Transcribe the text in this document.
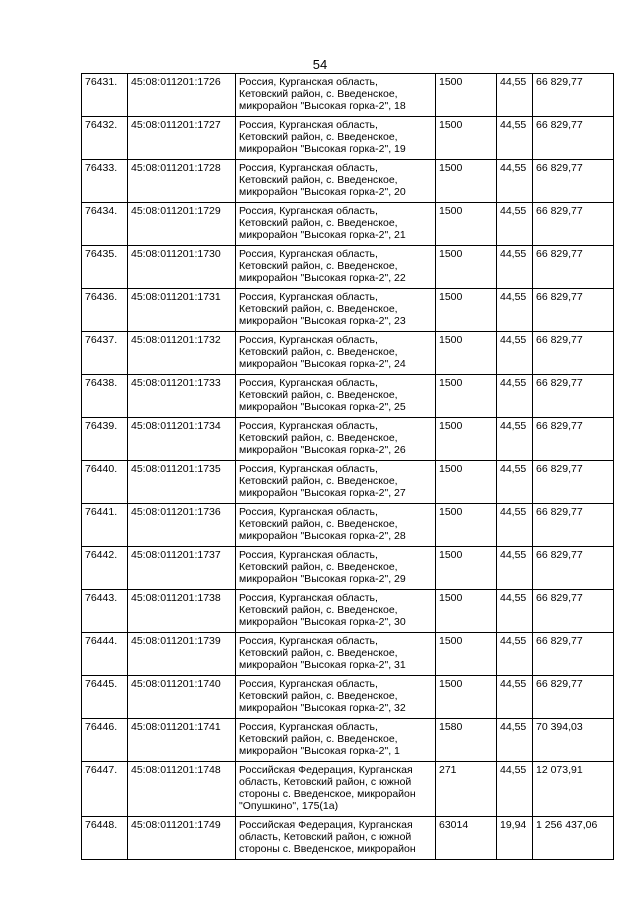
54
76431.	45:08:011201:1726	Россия, Курганская область,
Кетовский район, с. Введенское,
микрорайон "Высокая горка-2", 18	1500	44,55	66 829,77
76432.	45:08:011201:1727	Россия, Курганская область,
Кетовский район, с. Введенское,
микрорайон "Высокая горка-2", 19	1500	44,55	66 829,77
76433.	45:08:011201:1728	Россия, Курганская область,
Кетовский район, с. Введенское,
микрорайон "Высокая горка-2", 20	1500	44,55	66 829,77
76434.	45:08:011201:1729	Россия, Курганская область,
Кетовский район, с. Введенское,
микрорайон "Высокая горка-2", 21	1500	44,55	66 829,77
76435.	45:08:011201:1730	Россия, Курганская область,
Кетовский район, с. Введенское,
микрорайон "Высокая горка-2", 22	1500	44,55	66 829,77
76436.	45:08:011201:1731	Россия, Курганская область,
Кетовский район, с. Введенское,
микрорайон "Высокая горка-2", 23	1500	44,55	66 829,77
76437.	45:08:011201:1732	Россия, Курганская область,
Кетовский район, с. Введенское,
микрорайон "Высокая горка-2", 24	1500	44,55	66 829,77
76438.	45:08:011201:1733	Россия, Курганская область,
Кетовский район, с. Введенское,
микрорайон "Высокая горка-2", 25	1500	44,55	66 829,77
76439.	45:08:011201:1734	Россия, Курганская область,
Кетовский район, с. Введенское,
микрорайон "Высокая горка-2", 26	1500	44,55	66 829,77
76440.	45:08:011201:1735	Россия, Курганская область,
Кетовский район, с. Введенское,
микрорайон "Высокая горка-2", 27	1500	44,55	66 829,77
76441.	45:08:011201:1736	Россия, Курганская область,
Кетовский район, с. Введенское,
микрорайон "Высокая горка-2", 28	1500	44,55	66 829,77
76442.	45:08:011201:1737	Россия, Курганская область,
Кетовский район, с. Введенское,
микрорайон "Высокая горка-2", 29	1500	44,55	66 829,77
76443.	45:08:011201:1738	Россия, Курганская область,
Кетовский район, с. Введенское,
микрорайон "Высокая горка-2", 30	1500	44,55	66 829,77
76444.	45:08:011201:1739	Россия, Курганская область,
Кетовский район, с. Введенское,
микрорайон "Высокая горка-2", 31	1500	44,55	66 829,77
76445.	45:08:011201:1740	Россия, Курганская область,
Кетовский район, с. Введенское,
микрорайон "Высокая горка-2", 32	1500	44,55	66 829,77
76446.	45:08:011201:1741	Россия, Курганская область,
Кетовский район, с. Введенское,
микрорайон "Высокая горка-2", 1	1580	44,55	70 394,03
76447.	45:08:011201:1748	Российская Федерация, Курганская
область, Кетовский район, с южной
стороны с. Введенское, микрорайон
"Опушкино", 175(1а)	271	44,55	12 073,91
76448.	45:08:011201:1749	Российская Федерация, Курганская
область, Кетовский район, с южной
стороны с. Введенское, микрорайон	63014	19,94	1 256 437,06
